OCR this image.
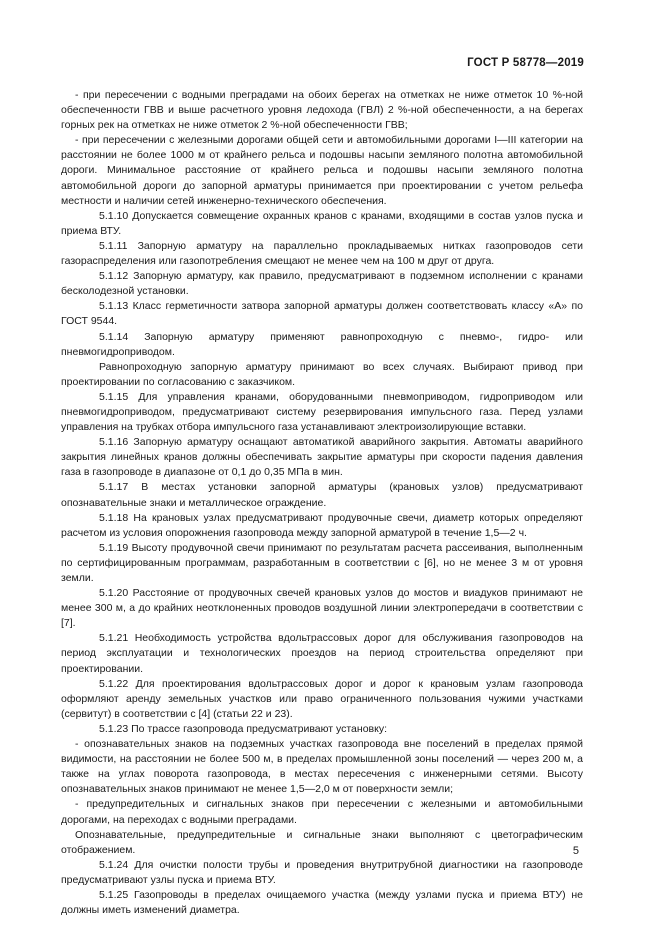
ГОСТ Р 58778—2019

- при пересечении с водными преградами на обоих берегах на отметках не ниже отметок 10 %-ной обеспеченности ГВВ и выше расчетного уровня ледохода (ГВЛ) 2 %-ной обеспеченности, а на берегах горных рек на отметках не ниже отметок 2 %-ной обеспеченности ГВВ;

- при пересечении с железными дорогами общей сети и автомобильными дорогами I—III категории на расстоянии не более 1000 м от крайнего рельса и подошвы насыпи земляного полотна автомобильной дороги. Минимальное расстояние от крайнего рельса и подошвы насыпи земляного полотна автомобильной дороги до запорной арматуры принимается при проектировании с учетом рельефа местности и наличии сетей инженерно-технического обеспечения.

5.1.10 Допускается совмещение охранных кранов с кранами, входящими в состав узлов пуска и приема ВТУ.

5.1.11 Запорную арматуру на параллельно прокладываемых нитках газопроводов сети газораспределения или газопотребления смещают не менее чем на 100 м друг от друга.

5.1.12 Запорную арматуру, как правило, предусматривают в подземном исполнении с кранами бесколодезной установки.

5.1.13 Класс герметичности затвора запорной арматуры должен соответствовать классу «А» по ГОСТ 9544.

5.1.14 Запорную арматуру применяют равнопроходную с пневмо-, гидро- или пневмогидроприводом.

Равнопроходную запорную арматуру принимают во всех случаях. Выбирают привод при проектировании по согласованию с заказчиком.

5.1.15 Для управления кранами, оборудованными пневмоприводом, гидроприводом или пневмогидроприводом, предусматривают систему резервирования импульсного газа. Перед узлами управления на трубках отбора импульсного газа устанавливают электроизолирующие вставки.

5.1.16 Запорную арматуру оснащают автоматикой аварийного закрытия. Автоматы аварийного закрытия линейных кранов должны обеспечивать закрытие арматуры при скорости падения давления газа в газопроводе в диапазоне от 0,1 до 0,35 МПа в мин.

5.1.17 В местах установки запорной арматуры (крановых узлов) предусматривают опознавательные знаки и металлическое ограждение.

5.1.18 На крановых узлах предусматривают продувочные свечи, диаметр которых определяют расчетом из условия опорожнения газопровода между запорной арматурой в течение 1,5—2 ч.

5.1.19 Высоту продувочной свечи принимают по результатам расчета рассеивания, выполненным по сертифицированным программам, разработанным в соответствии с [6], но не менее 3 м от уровня земли.

5.1.20 Расстояние от продувочных свечей крановых узлов до мостов и виадуков принимают не менее 300 м, а до крайних неотклоненных проводов воздушной линии электропередачи в соответствии с [7].

5.1.21 Необходимость устройства вдольтрассовых дорог для обслуживания газопроводов на период эксплуатации и технологических проездов на период строительства определяют при проектировании.

5.1.22 Для проектирования вдольтрассовых дорог и дорог к крановым узлам газопровода оформляют аренду земельных участков или право ограниченного пользования чужими участками (сервитут) в соответствии с [4] (статьи 22 и 23).

5.1.23 По трассе газопровода предусматривают установку:

- опознавательных знаков на подземных участках газопровода вне поселений в пределах прямой видимости, на расстоянии не более 500 м, в пределах промышленной зоны поселений — через 200 м, а также на углах поворота газопровода, в местах пересечения с инженерными сетями. Высоту опознавательных знаков принимают не менее 1,5—2,0 м от поверхности земли;

- предупредительных и сигнальных знаков при пересечении с железными и автомобильными дорогами, на переходах с водными преградами.

Опознавательные, предупредительные и сигнальные знаки выполняют с цветографическим отображением.

5.1.24 Для очистки полости трубы и проведения внутритрубной диагностики на газопроводе предусматривают узлы пуска и приема ВТУ.

5.1.25 Газопроводы в пределах очищаемого участка (между узлами пуска и приема ВТУ) не должны иметь изменений диаметра.

5
